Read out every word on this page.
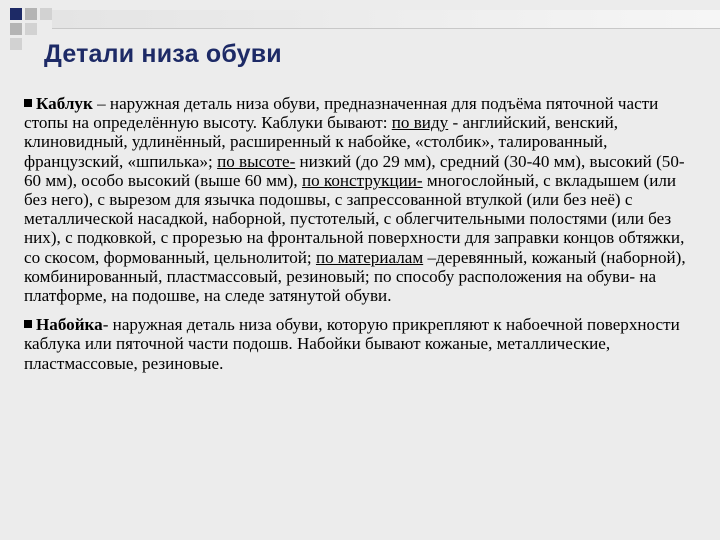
Детали низа обуви

Каблук – наружная деталь низа обуви, предназначенная для подъёма пяточной части стопы на определённую высоту. Каблуки бывают: по виду - английский, венский, клиновидный, удлинённый, расширенный к набойке, «столбик», талированный, французский, «шпилька»; по высоте- низкий (до 29 мм), средний (30-40 мм), высокий (50-60 мм), особо высокий (выше 60 мм), по конструкции- многослойный, с вкладышем (или без него), с вырезом для язычка подошвы, с запрессованной втулкой (или без неё) с металлической насадкой, наборной, пустотелый, с облегчительными полостями (или без них), с подковкой, с прорезью на фронтальной поверхности для заправки концов обтяжки, со скосом, формованный, цельнолитой; по материалам –деревянный, кожаный (наборной), комбинированный, пластмассовый, резиновый; по способу расположения на обуви- на платформе, на подошве, на следе затянутой обуви.

Набойка- наружная деталь низа обуви, которую прикрепляют к набоечной поверхности каблука или пяточной части подошв. Набойки бывают кожаные, металлические, пластмассовые, резиновые.
